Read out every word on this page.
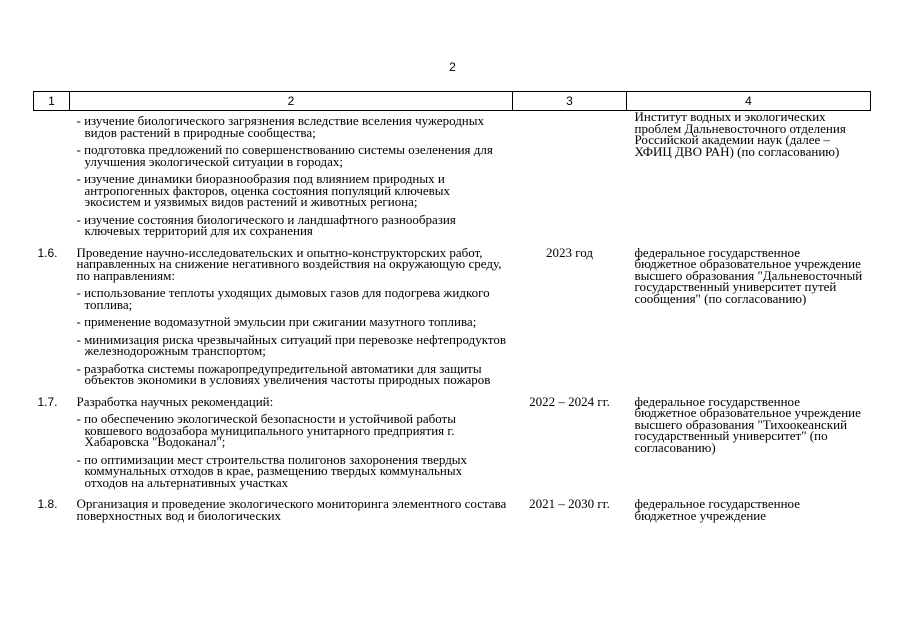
2
1	2	3	4

	- изучение биологического загрязнения вследствие вселения чужеродных видов растений в природные сообщества;
- подготовка предложений по совершенствованию системы озеленения для улучшения экологической ситуации в городах;
- изучение динамики биоразнообразия под влиянием природных и антропогенных факторов, оценка состояния популяций ключевых экосистем и уязвимых видов растений и животных региона;
- изучение состояния биологического и ландшафтного разнообразия ключевых территорий для их сохранения		Институт водных и экологических проблем Дальневосточного отделения Российской академии наук (далее – ХФИЦ ДВО РАН) (по согласованию)
1.6.	Проведение научно-исследовательских и опытно-конструкторских работ, направленных на снижение негативного воздействия на окружающую среду, по направлениям:
- использование теплоты уходящих дымовых газов для подогрева жидкого топлива;
- применение водомазутной эмульсии при сжигании мазутного топлива;
- минимизация риска чрезвычайных ситуаций при перевозке нефтепродуктов железнодорожным транспортом;
- разработка системы пожаропредупредительной автоматики для защиты объектов экономики в условиях увеличения частоты природных пожаров	2023 год	федеральное государственное бюджетное образовательное учреждение высшего образования "Дальневосточный государственный университет путей сообщения" (по согласованию)
1.7.	Разработка научных рекомендаций:
- по обеспечению экологической безопасности и устойчивой работы ковшевого водозабора муниципального унитарного предприятия г. Хабаровска "Водоканал";
- по оптимизации мест строительства полигонов захоронения твердых коммунальных отходов в крае, размещению твердых коммунальных отходов на альтернативных участках	2022 – 2024 гг.	федеральное государственное бюджетное образовательное учреждение высшего образования "Тихоокеанский государственный университет" (по согласованию)
1.8.	Организация и проведение экологического мониторинга элементного состава поверхностных вод и биологических	2021 – 2030 гг.	федеральное государственное бюджетное учреждение
